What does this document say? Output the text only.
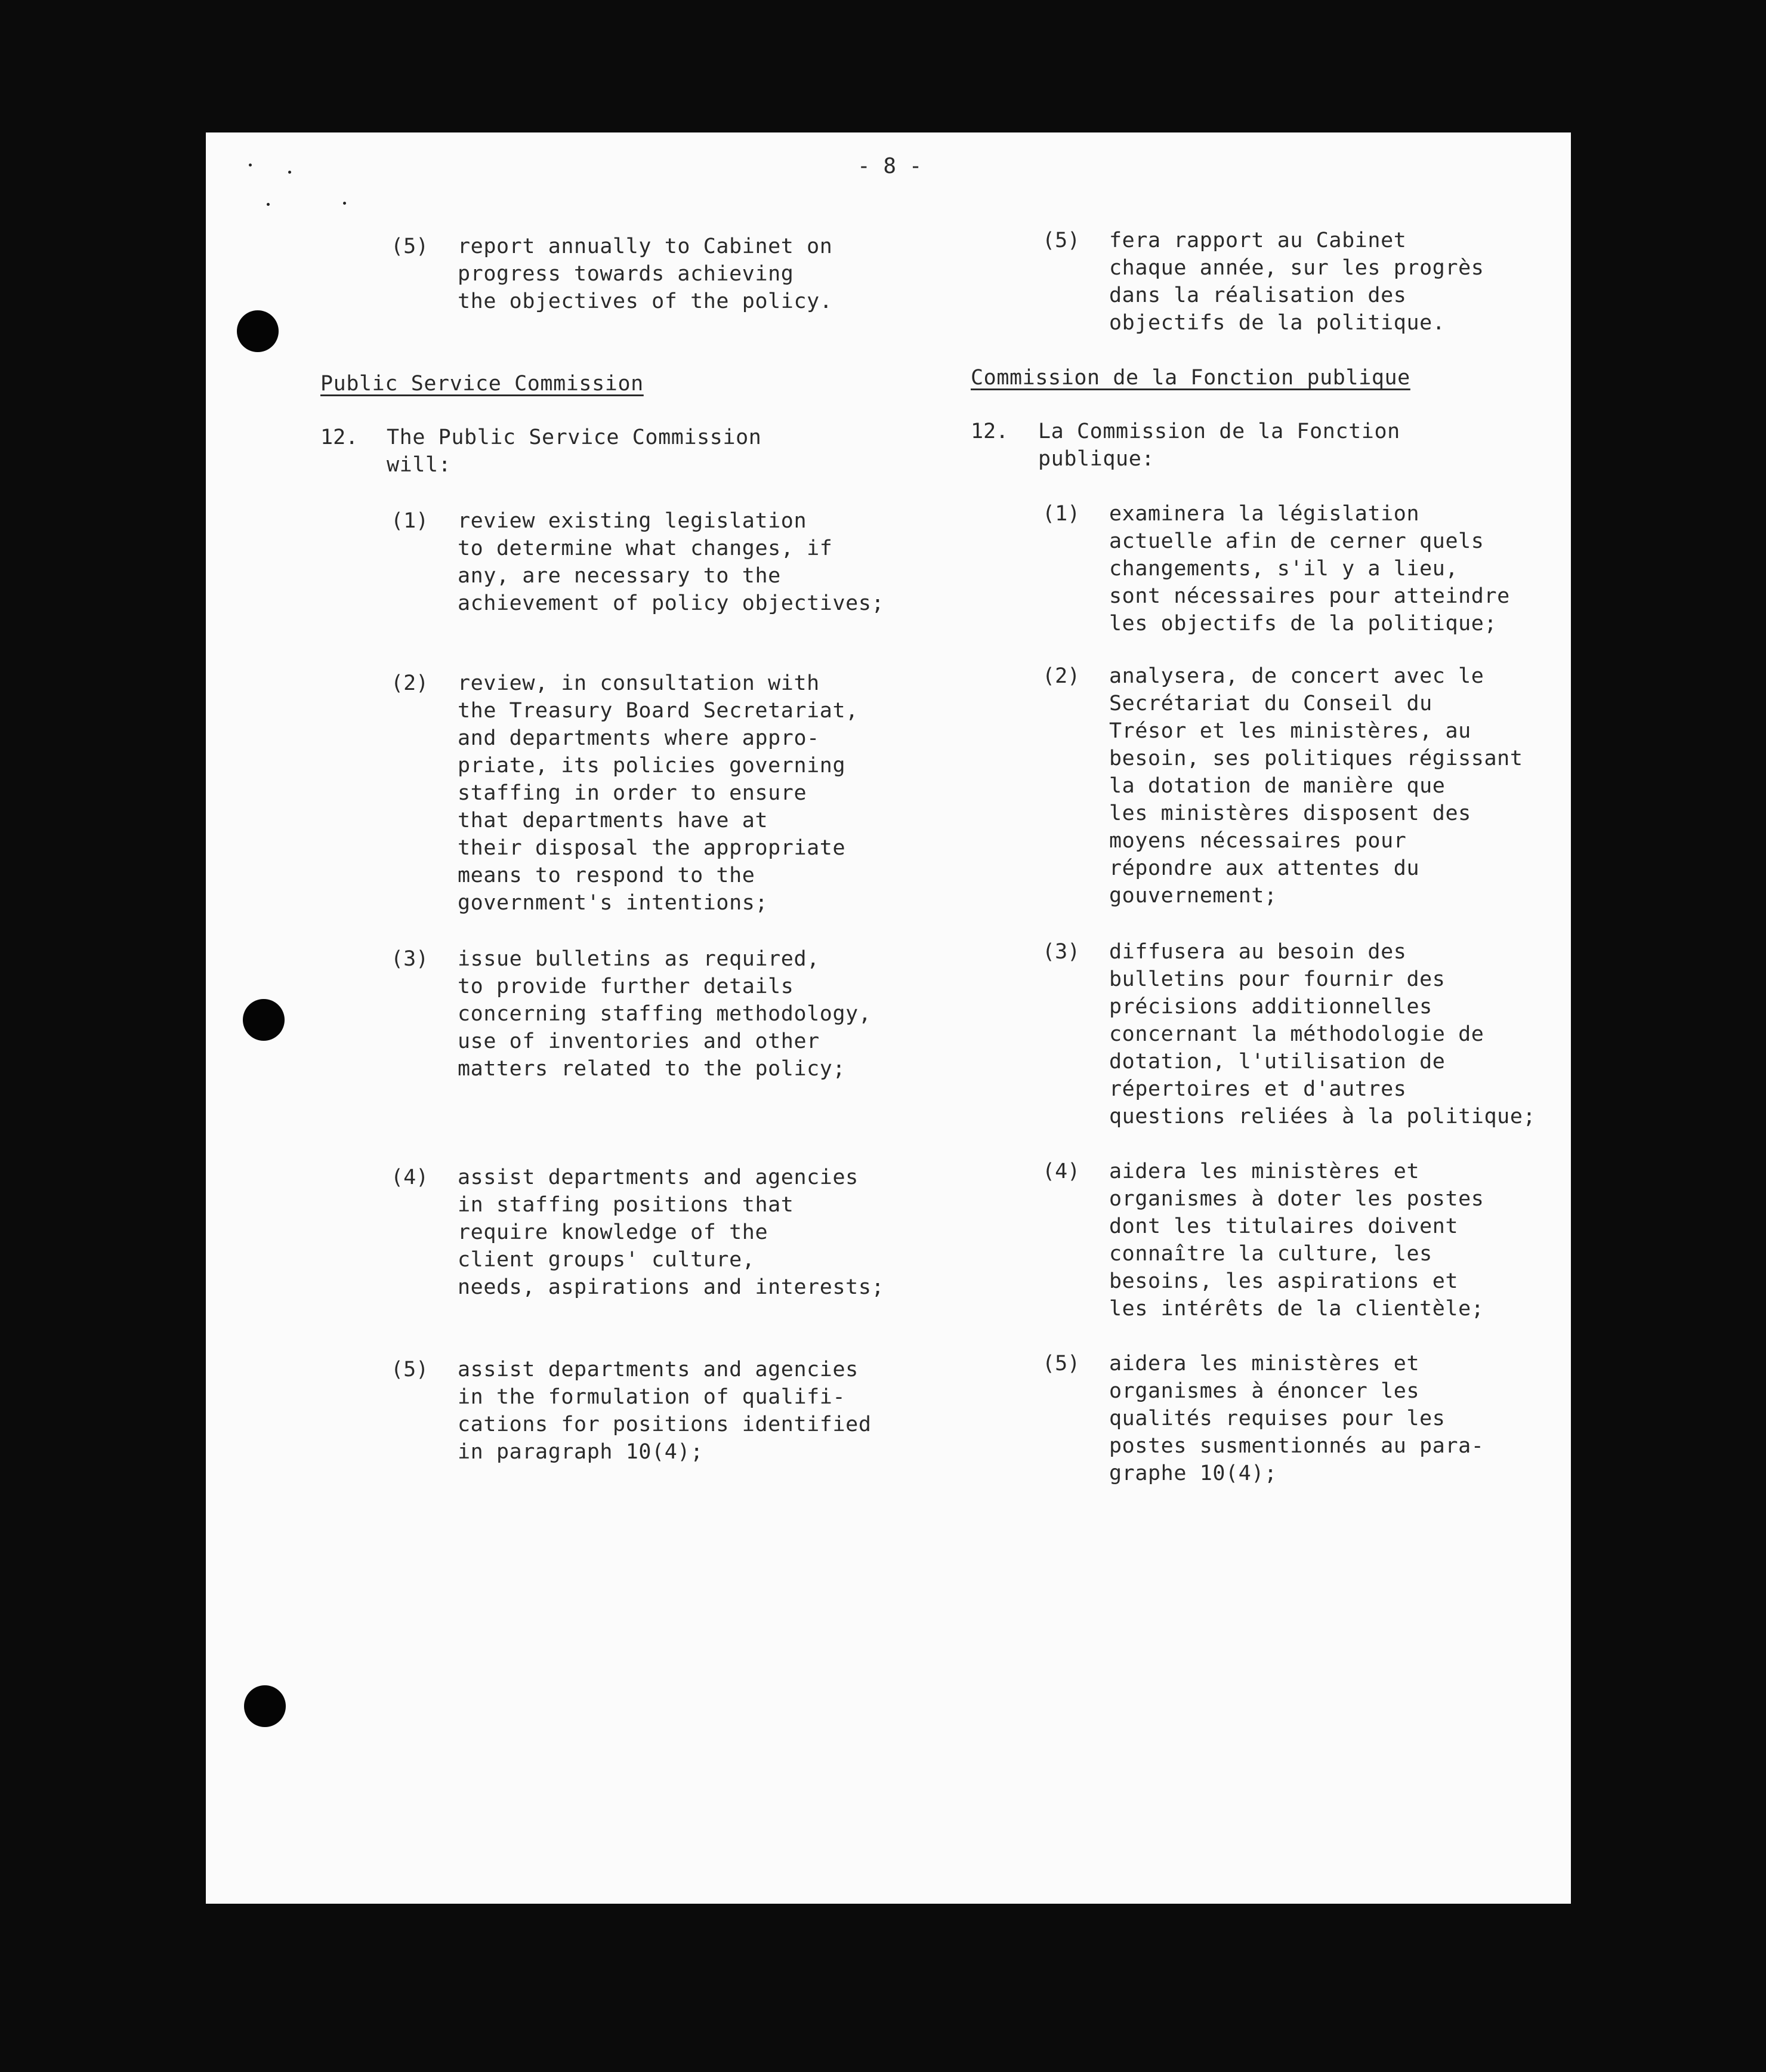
- 8 -
(5) report annually to Cabinet on
progress towards achieving
the objectives of the policy.

Public Service Commission

12. The Public Service Commission
will:

(1) review existing legislation
to determine what changes, if
any, are necessary to the
achievement of policy objectives;

(2) review, in consultation with
the Treasury Board Secretariat,
and departments where appro-
priate, its policies governing
staffing in order to ensure
that departments have at
their disposal the appropriate
means to respond to the
government's intentions;

(3) issue bulletins as required,
to provide further details
concerning staffing methodology,
use of inventories and other
matters related to the policy;

(4) assist departments and agencies
in staffing positions that
require knowledge of the
client groups' culture,
needs, aspirations and interests;

(5) assist departments and agencies
in the formulation of qualifi-
cations for positions identified
in paragraph 10(4);

(5) fera rapport au Cabinet
chaque année, sur les progrès
dans la réalisation des
objectifs de la politique.

Commission de la Fonction publique

12. La Commission de la Fonction
publique:

(1) examinera la législation
actuelle afin de cerner quels
changements, s'il y a lieu,
sont nécessaires pour atteindre
les objectifs de la politique;

(2) analysera, de concert avec le
Secrétariat du Conseil du
Trésor et les ministères, au
besoin, ses politiques régissant
la dotation de manière que
les ministères disposent des
moyens nécessaires pour
répondre aux attentes du
gouvernement;

(3) diffusera au besoin des
bulletins pour fournir des
précisions additionnelles
concernant la méthodologie de
dotation, l'utilisation de
répertoires et d'autres
questions reliées à la politique;

(4) aidera les ministères et
organismes à doter les postes
dont les titulaires doivent
connaître la culture, les
besoins, les aspirations et
les intérêts de la clientèle;

(5) aidera les ministères et
organismes à énoncer les
qualités requises pour les
postes susmentionnés au para-
graphe 10(4);
